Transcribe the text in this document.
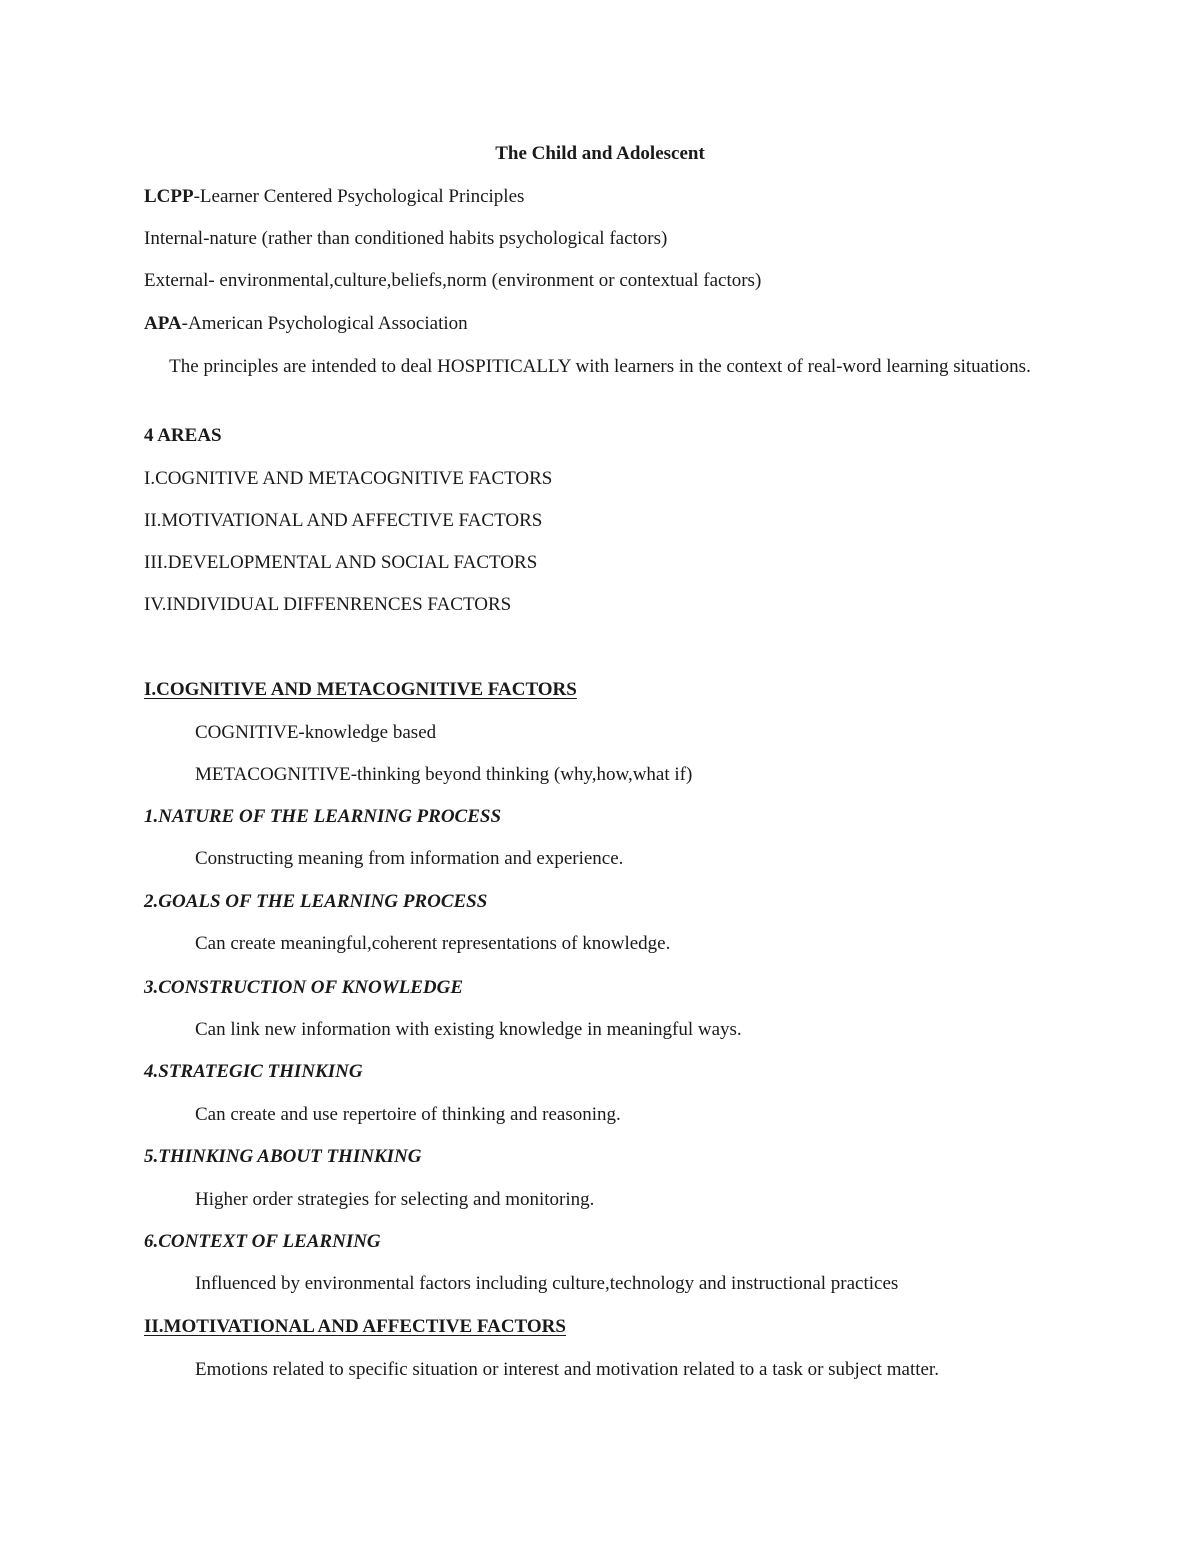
The Child and Adolescent
LCPP-Learner Centered Psychological Principles
Internal-nature (rather than conditioned habits psychological factors)
External- environmental,culture,beliefs,norm (environment or contextual factors)
APA-American Psychological Association
The principles are intended to deal HOSPITICALLY with learners in the context of real-word learning situations.
4 AREAS
I.COGNITIVE AND METACOGNITIVE FACTORS
II.MOTIVATIONAL AND AFFECTIVE FACTORS
III.DEVELOPMENTAL AND SOCIAL FACTORS
IV.INDIVIDUAL DIFFENRENCES FACTORS
I.COGNITIVE AND METACOGNITIVE FACTORS
COGNITIVE-knowledge based
METACOGNITIVE-thinking beyond thinking (why,how,what if)
1.NATURE OF THE LEARNING PROCESS
Constructing meaning from information and experience.
2.GOALS OF THE LEARNING PROCESS
Can create meaningful,coherent representations of knowledge.
3.CONSTRUCTION OF KNOWLEDGE
Can link new information with existing knowledge in meaningful ways.
4.STRATEGIC THINKING
Can create and use repertoire of thinking and reasoning.
5.THINKING ABOUT THINKING
Higher order strategies for selecting and monitoring.
6.CONTEXT OF LEARNING
Influenced by environmental factors including culture,technology and instructional practices
II.MOTIVATIONAL AND AFFECTIVE FACTORS
Emotions related to specific situation or interest and motivation related to a task or subject matter.
